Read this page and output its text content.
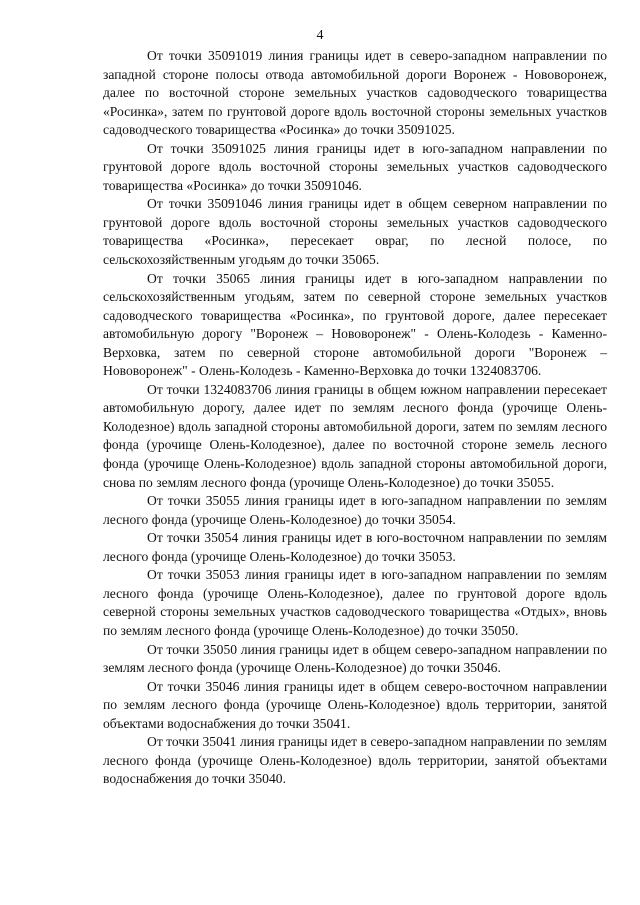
4

От точки 35091019 линия границы идет в северо-западном направлении по западной стороне полосы отвода автомобильной дороги Воронеж - Нововоронеж, далее по восточной стороне земельных участков садоводческого товарищества «Росинка», затем по грунтовой дороге вдоль восточной стороны земельных участков садоводческого товарищества «Росинка» до точки 35091025.

От точки 35091025 линия границы идет в юго-западном направлении по грунтовой дороге вдоль восточной стороны земельных участков садоводческого товарищества «Росинка» до точки 35091046.

От точки 35091046 линия границы идет в общем северном направлении по грунтовой дороге вдоль восточной стороны земельных участков садоводческого товарищества «Росинка», пересекает овраг, по лесной полосе, по сельскохозяйственным угодьям до точки 35065.

От точки 35065 линия границы идет в юго-западном направлении по сельскохозяйственным угодьям, затем по северной стороне земельных участков садоводческого товарищества «Росинка», по грунтовой дороге, далее пересекает автомобильную дорогу "Воронеж – Нововоронеж" - Олень-Колодезь - Каменно-Верховка, затем по северной стороне автомобильной дороги "Воронеж – Нововоронеж" - Олень-Колодезь - Каменно-Верховка до точки 1324083706.

От точки 1324083706 линия границы в общем южном направлении пересекает автомобильную дорогу, далее идет по землям лесного фонда (урочище Олень-Колодезное) вдоль западной стороны автомобильной дороги, затем по землям лесного фонда (урочище Олень-Колодезное), далее по восточной стороне земель лесного фонда (урочище Олень-Колодезное) вдоль западной стороны автомобильной дороги, снова по землям лесного фонда (урочище Олень-Колодезное) до точки 35055.

От точки 35055 линия границы идет в юго-западном направлении по землям лесного фонда (урочище Олень-Колодезное) до точки 35054.

От точки 35054 линия границы идет в юго-восточном направлении по землям лесного фонда (урочище Олень-Колодезное) до точки 35053.

От точки 35053 линия границы идет в юго-западном направлении по землям лесного фонда (урочище Олень-Колодезное), далее по грунтовой дороге вдоль северной стороны земельных участков садоводческого товарищества «Отдых», вновь по землям лесного фонда (урочище Олень-Колодезное) до точки 35050.

От точки 35050 линия границы идет в общем северо-западном направлении по землям лесного фонда (урочище Олень-Колодезное) до точки 35046.

От точки 35046 линия границы идет в общем северо-восточном направлении по землям лесного фонда (урочище Олень-Колодезное) вдоль территории, занятой объектами водоснабжения до точки 35041.

От точки 35041 линия границы идет в северо-западном направлении по землям лесного фонда (урочище Олень-Колодезное) вдоль территории, занятой объектами водоснабжения до точки 35040.
